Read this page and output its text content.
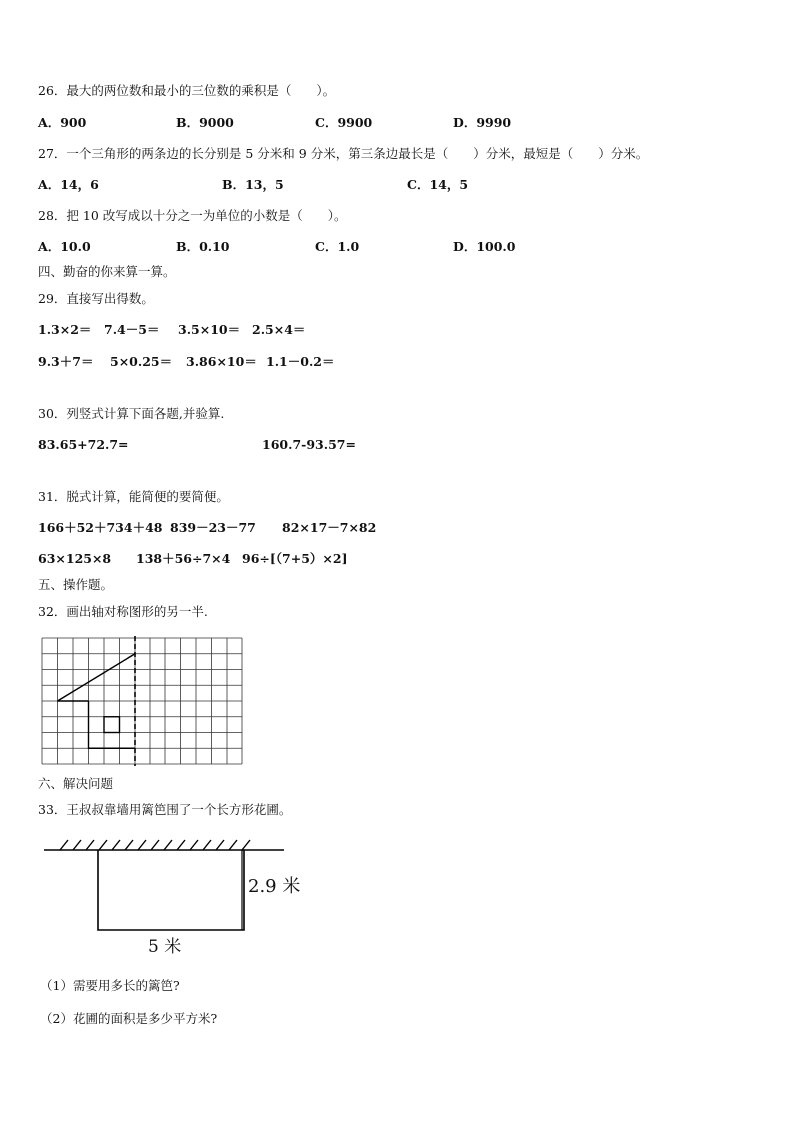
26．最大的两位数和最小的三位数的乘积是（　　）。
A．900	B．9000	C．9900	D．9990
27．一个三角形的两条边的长分别是 5 分米和 9 分米，第三条边最长是（　　）分米，最短是（　　）分米。
A．14，6	B．13，5	C．14，5
28．把 10 改写成以十分之一为单位的小数是（　　）。
A．10.0	B．0.10	C．1.0	D．100.0
四、勤奋的你来算一算。
29．直接写出得数。
1.3×2＝ 7.4－5＝ 3.5×10＝ 2.5×4＝
9.3＋7＝ 5×0.25＝ 3.86×10＝ 1.1－0.2＝
30．列竖式计算下面各题,并验算.
83.65+72.7=	160.7-93.57=
31．脱式计算，能简便的要简便。
166＋52＋734＋48 839－23－77 82×17－7×82
63×125×8 138＋56÷7×4 96÷[（7+5）×2]
五、操作题。
32．画出轴对称图形的另一半.
六、解决问题
33．王叔叔靠墙用篱笆围了一个长方形花圃。
2.9 米
5 米
（1）需要用多长的篱笆?
（2）花圃的面积是多少平方米?
